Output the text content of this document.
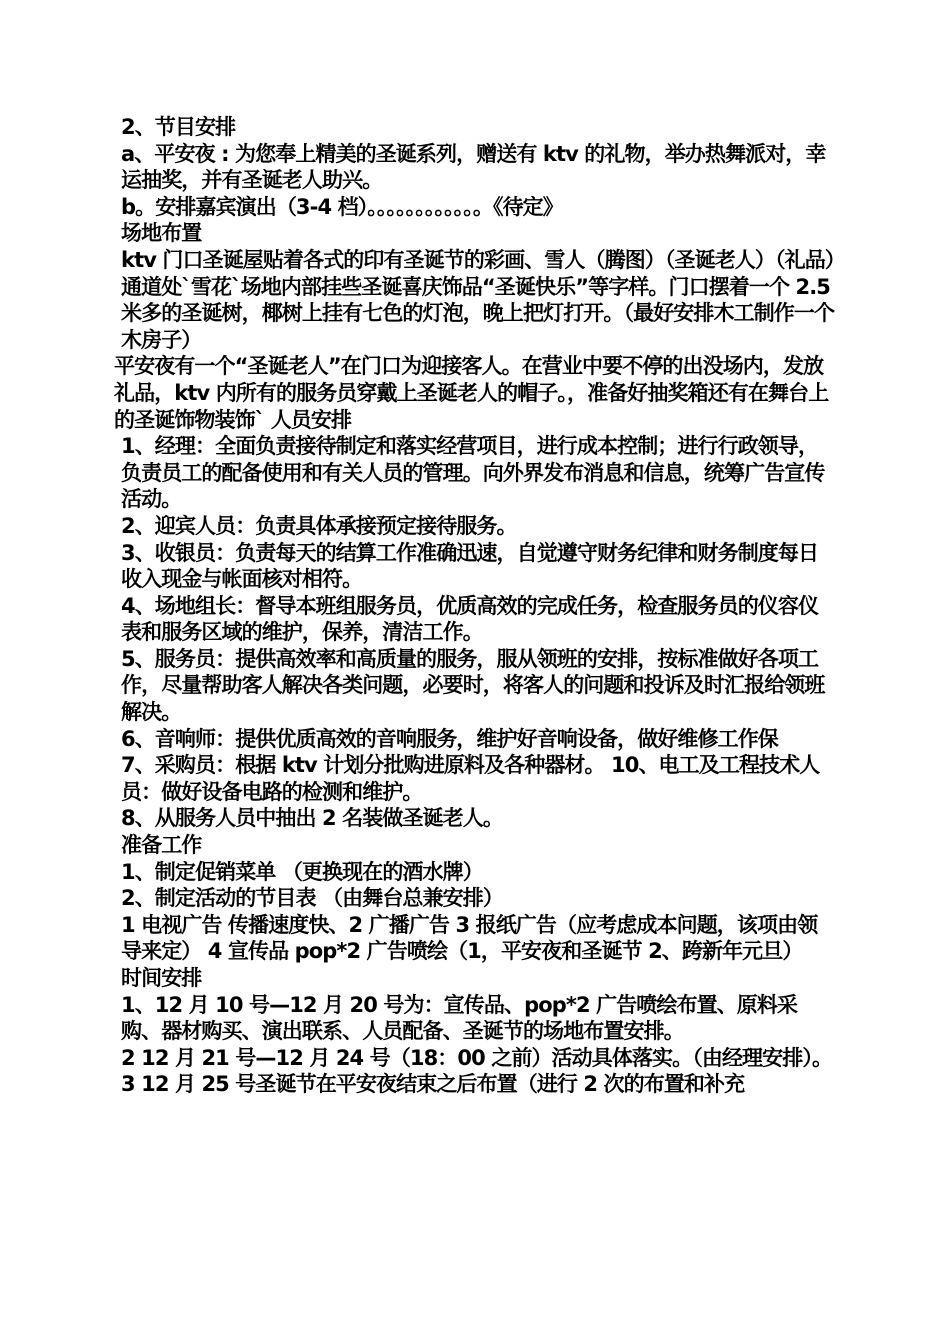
2、节目安排

a、平安夜 : 为您奉上精美的圣诞系列，赠送有 ktv 的礼物，举办热舞派对，幸运抽奖，并有圣诞老人助兴。

b。安排嘉宾演出（3-4 档）。。。。。。。。。。。。《待定》

场地布置

ktv 门口圣诞屋贴着各式的印有圣诞节的彩画、雪人（腾图）（圣诞老人）（礼品）通道处`雪花`场地内部挂些圣诞喜庆饰品“圣诞快乐”等字样。门口摆着一个 2.5 米多的圣诞树，椰树上挂有七色的灯泡，晚上把灯打开。（最好安排木工制作一个木房子）

平安夜有一个“圣诞老人”在门口为迎接客人。在营业中要不停的出没场内，发放礼品，ktv 内所有的服务员穿戴上圣诞老人的帽子。，准备好抽奖箱还有在舞台上的圣诞饰物装饰` 人员安排

1、经理：全面负责接待制定和落实经营项目，进行成本控制；进行行政领导，负责员工的配备使用和有关人员的管理。向外界发布消息和信息，统筹广告宣传活动。

2、迎宾人员：负责具体承接预定接待服务。

3、收银员：负责每天的结算工作准确迅速，自觉遵守财务纪律和财务制度每日收入现金与帐面核对相符。

4、场地组长：督导本班组服务员，优质高效的完成任务，检查服务员的仪容仪表和服务区域的维护，保养，清洁工作。

5、服务员：提供高效率和高质量的服务，服从领班的安排，按标准做好各项工作，尽量帮助客人解决各类问题，必要时，将客人的问题和投诉及时汇报给领班解决。

6、音响师：提供优质高效的音响服务，维护好音响设备，做好维修工作保

7、采购员：根据 ktv 计划分批购进原料及各种器材。 10、电工及工程技术人员：做好设备电路的检测和维护。

8、从服务人员中抽出 2 名装做圣诞老人。

准备工作

1、制定促销菜单 （更换现在的酒水牌）

2、制定活动的节目表 （由舞台总兼安排）

1 电视广告 传播速度快、2 广播广告 3 报纸广告（应考虑成本问题，该项由领导来定） 4 宣传品 pop*2 广告喷绘（1，平安夜和圣诞节 2、跨新年元旦）

时间安排

1、12 月 10 号—12 月 20 号为：宣传品、pop*2 广告喷绘布置、原料采购、器材购买、演出联系、人员配备、圣诞节的场地布置安排。

2 12 月 21 号—12 月 24 号（18：00 之前）活动具体落实。（由经理安排）。

3 12 月 25 号圣诞节在平安夜结束之后布置（进行 2 次的布置和补充
